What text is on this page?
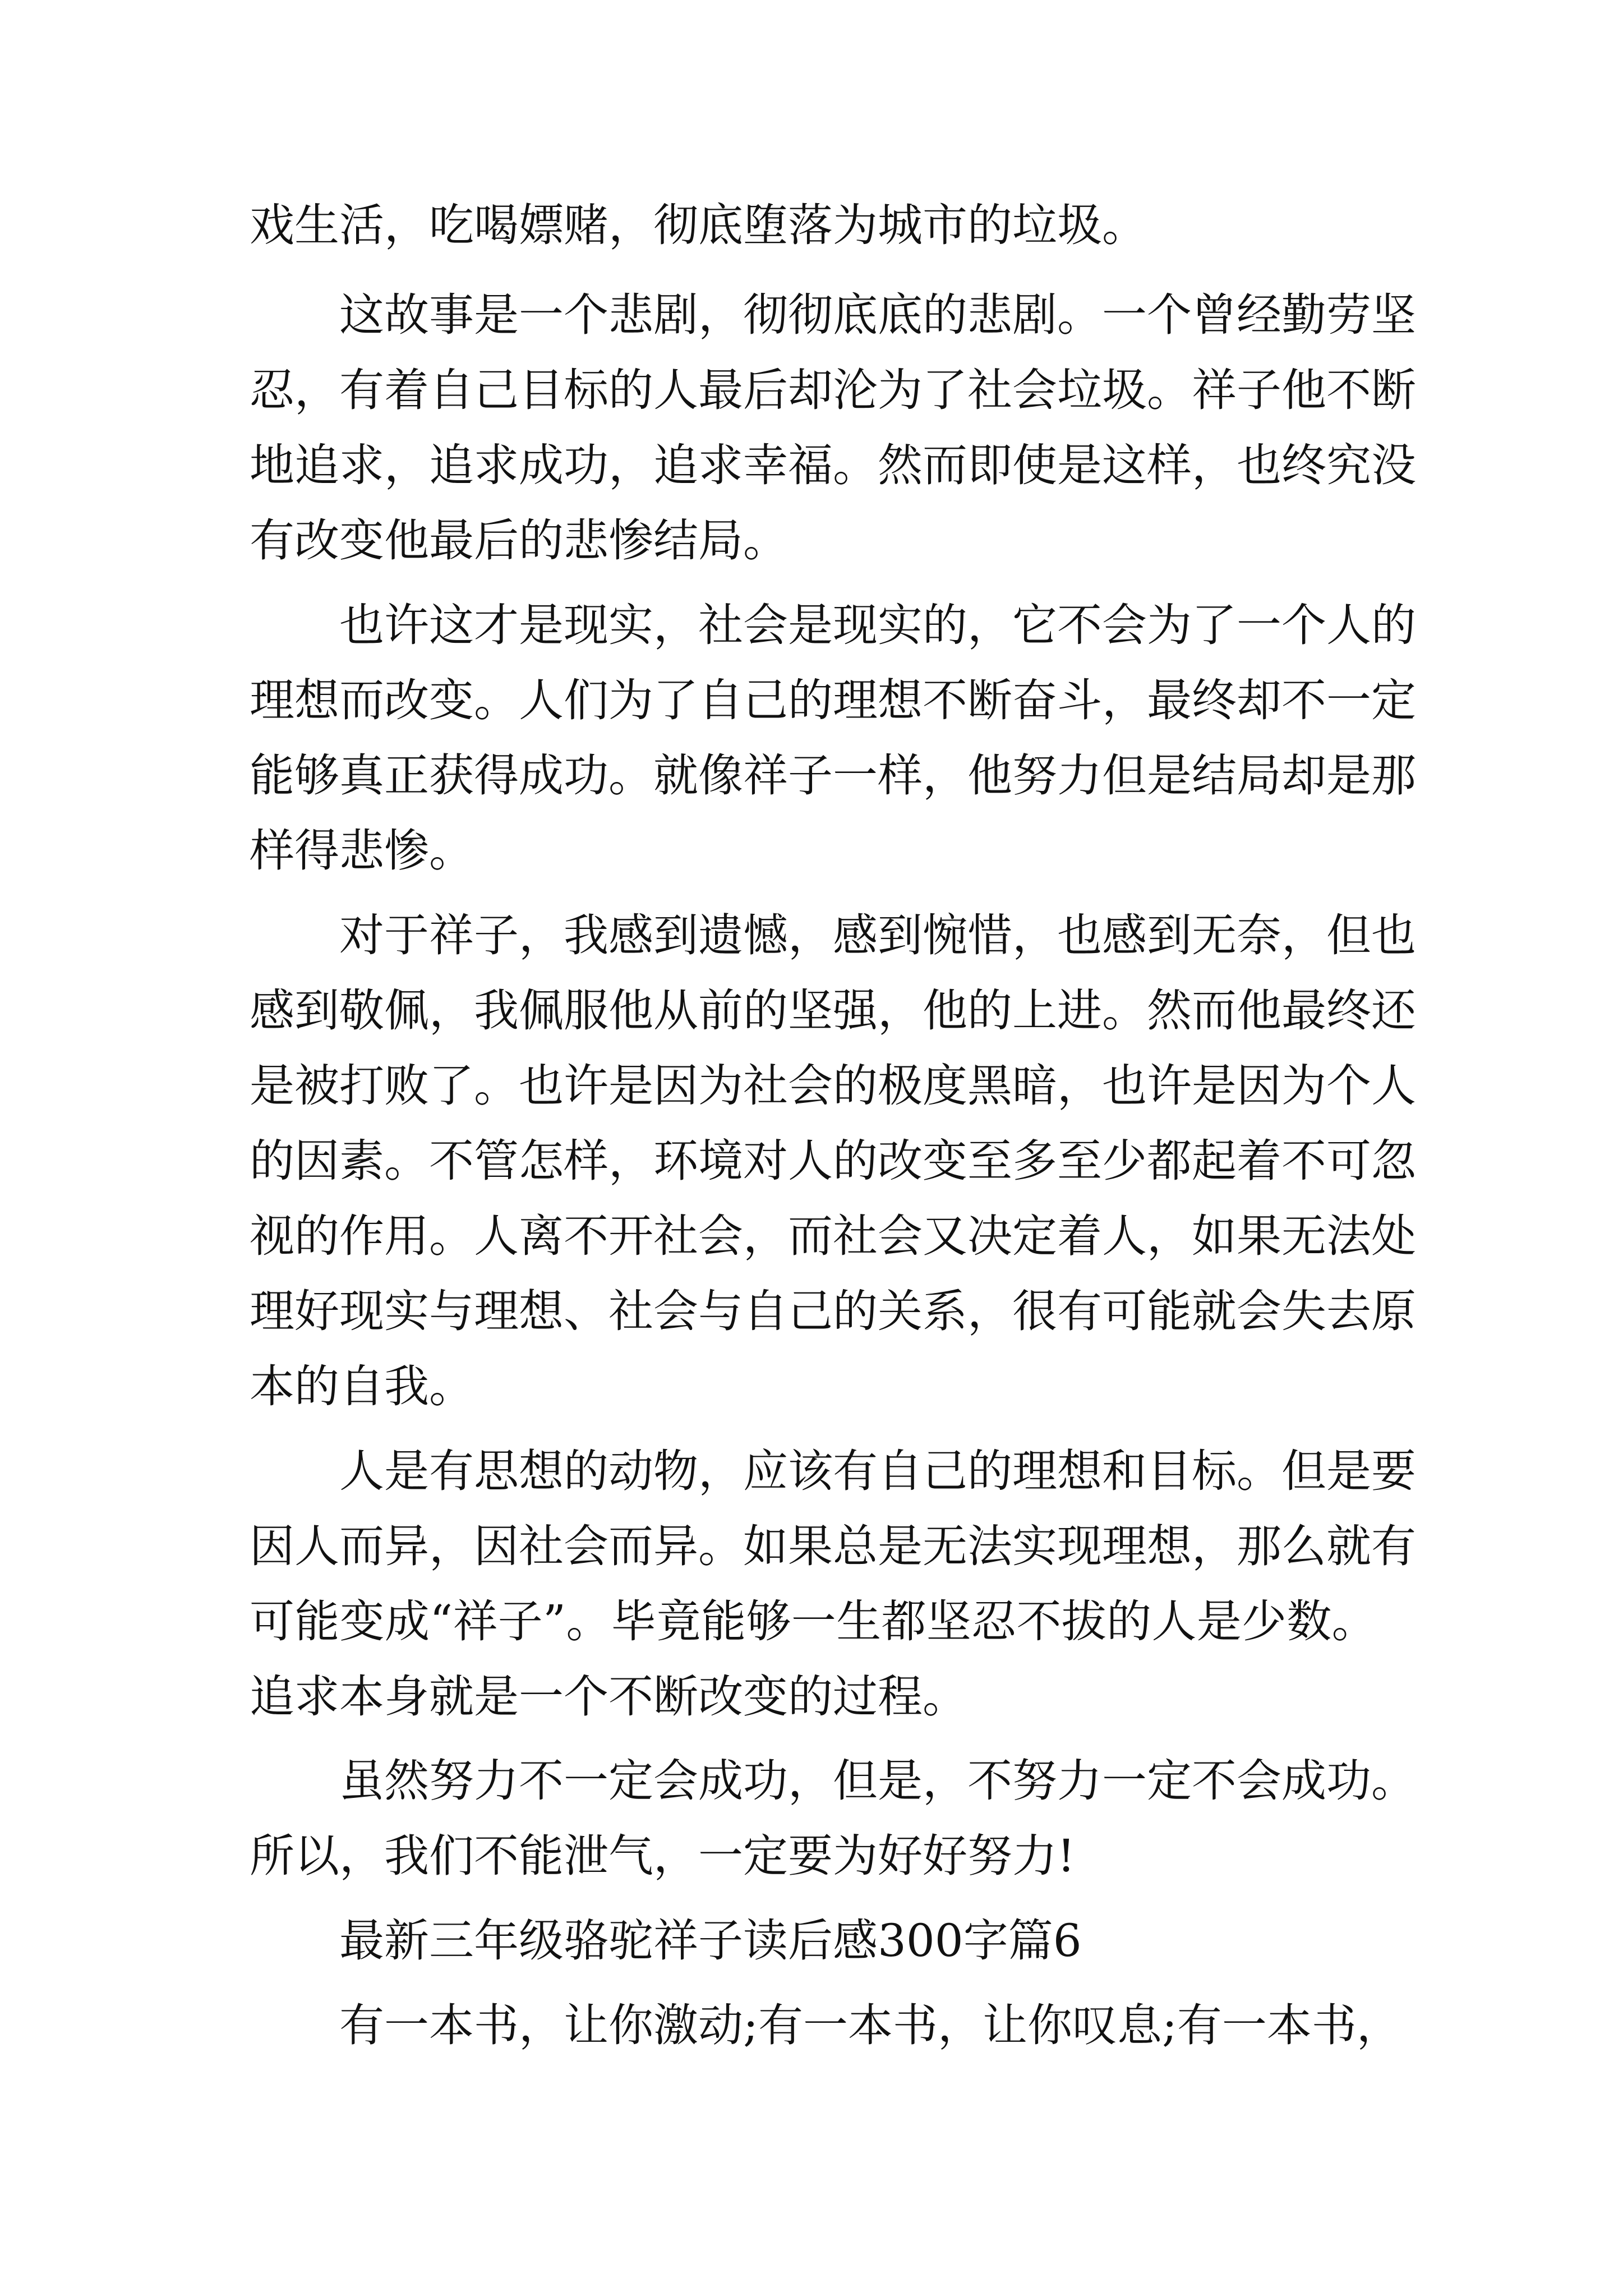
戏生活，吃喝嫖赌，彻底堕落为城市的垃圾。
这 故 事 是 一 个 悲 剧 ， 彻 彻 底 底 的 悲 剧 。 一 个 曾 经 勤 劳 坚
忍 ， 有 着 自 己 目 标 的 人 最 后 却 沦 为 了 社 会 垃 圾 。 祥 子 他 不 断
地 追 求 ， 追 求 成 功 ， 追 求 幸 福 。 然 而 即 使 是 这 样 ， 也 终 究 没
有改变他最后的悲惨结局。
也 许 这 才 是 现 实 ， 社 会 是 现 实 的 ， 它 不 会 为 了 一 个 人 的
理 想 而 改 变 。 人 们 为 了 自 己 的 理 想 不 断 奋 斗 ， 最 终 却 不 一 定
能 够 真 正 获 得 成 功 。 就 像 祥 子 一 样 ， 他 努 力 但 是 结 局 却 是 那
样得悲惨。
对 于 祥 子 ， 我 感 到 遗 憾 ， 感 到 惋 惜 ， 也 感 到 无 奈 ， 但 也
感 到 敬 佩 ， 我 佩 服 他 从 前 的 坚 强 ， 他 的 上 进 。 然 而 他 最 终 还
是 被 打 败 了 。 也 许 是 因 为 社 会 的 极 度 黑 暗 ， 也 许 是 因 为 个 人
的 因 素 。 不 管 怎 样 ， 环 境 对 人 的 改 变 至 多 至 少 都 起 着 不 可 忽
视 的 作 用 。 人 离 不 开 社 会 ， 而 社 会 又 决 定 着 人 ， 如 果 无 法 处
理 好 现 实 与 理 想 、 社 会 与 自 己 的 关 系 ， 很 有 可 能 就 会 失 去 原
本的自我。
人 是 有 思 想 的 动 物 ， 应 该 有 自 己 的 理 想 和 目 标 。 但 是 要
因 人 而 异 ， 因 社 会 而 异 。 如 果 总 是 无 法 实 现 理 想 ， 那 么 就 有
可 能 变 成 “ 祥 子 ” 。 毕 竟 能 够 一 生 都 坚 忍 不 拔 的 人 是 少 数 。
追求本身就是一个不断改变的过程。
虽 然 努 力 不 一 定 会 成 功 ， 但 是 ， 不 努 力 一 定 不 会 成 功 。
所以，我们不能泄气，一定要为好好努力!
最新三年级骆驼祥子读后感300字篇6
有 一 本 书 ， 让 你 激 动 ; 有 一 本 书 ， 让 你 叹 息 ; 有 一 本 书 ，
